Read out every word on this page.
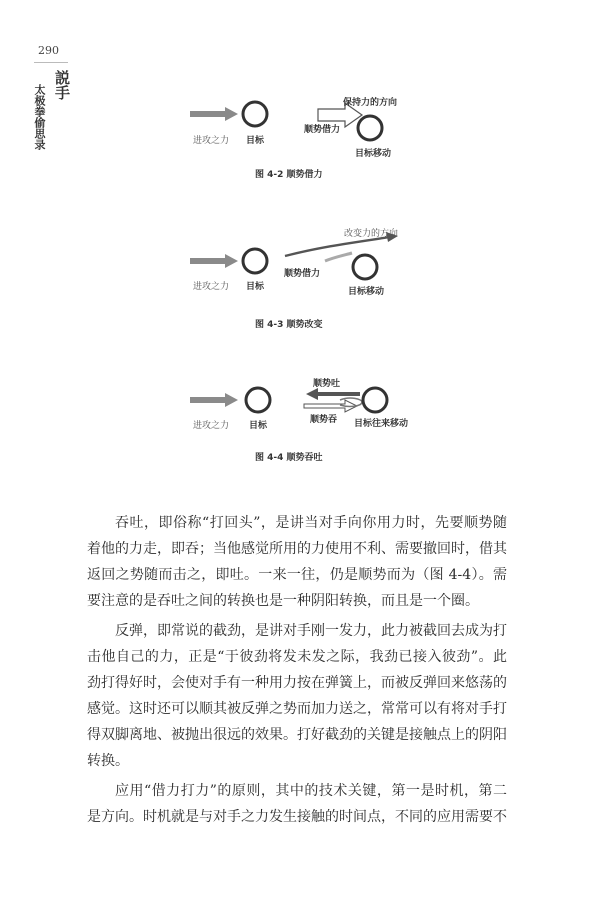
290
説手
太极拳偷思录	进攻之力 目标
顺势借力
保持力的方向
目标移动
图 4-2 顺势借力
进攻之力 目标
顺势借力
改变力的方向
目标移动
图 4-3 顺势改变
进攻之力 目标
顺势吐
顺势吞 目标往来移动
图 4-4 顺势吞吐

吞吐，即俗称“打回头”，是讲当对手向你用力时，先要顺势随着他的力走，即吞；当他感觉所用的力使用不利、需要撤回时，借其返回之势随而击之，即吐。一来一往，仍是顺势而为（图 4-4）。需要注意的是吞吐之间的转换也是一种阴阳转换，而且是一个圈。

反弹，即常说的截劲，是讲对手刚一发力，此力被截回去成为打击他自己的力，正是“于彼劲将发未发之际，我劲已接入彼劲”。此劲打得好时，会使对手有一种用力按在弹簧上，而被反弹回来悠荡的感觉。这时还可以顺其被反弹之势而加力送之，常常可以有将对手打得双脚离地、被抛出很远的效果。打好截劲的关键是接触点上的阴阳转换。

应用“借力打力”的原则，其中的技术关键，第一是时机，第二是方向。时机就是与对手之力发生接触的时间点，不同的应用需要不
